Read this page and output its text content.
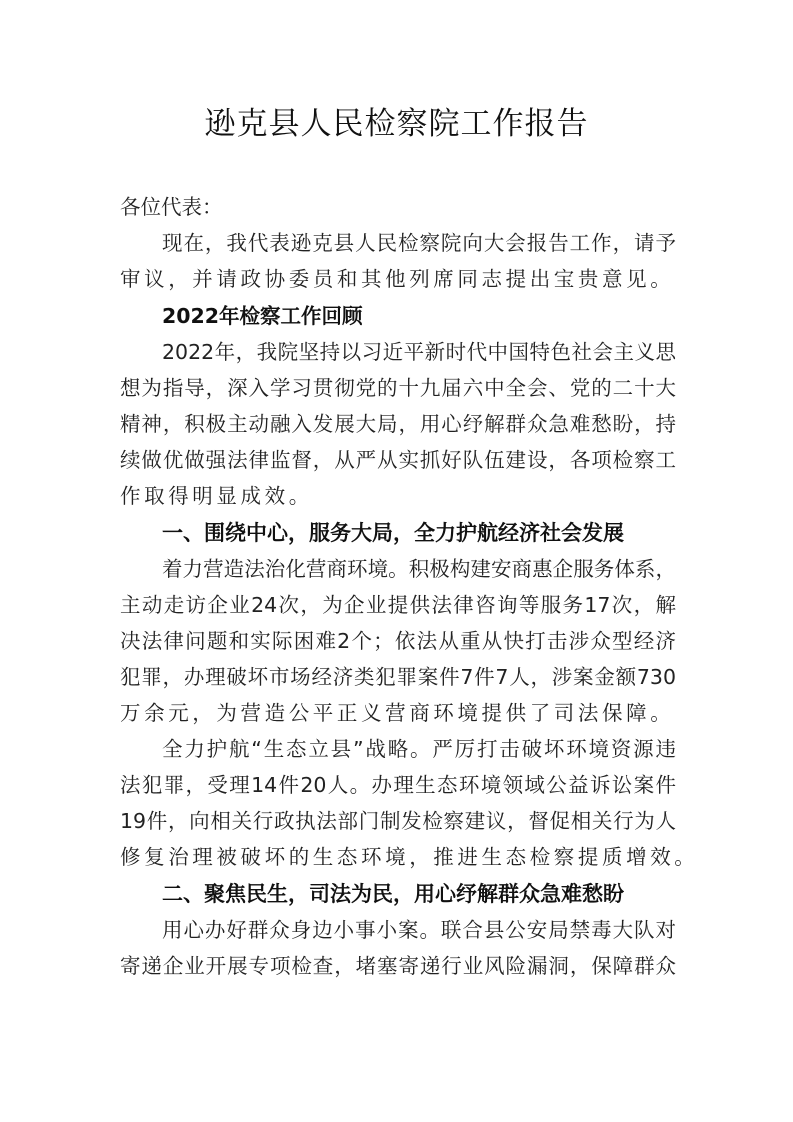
逊克县人民检察院工作报告
各位代表：
现在，我代表逊克县人民检察院向大会报告工作，请予
审议，并请政协委员和其他列席同志提出宝贵意见。
2022年检察工作回顾
2022年，我院坚持以习近平新时代中国特色社会主义思
想为指导，深入学习贯彻党的十九届六中全会、党的二十大
精神，积极主动融入发展大局，用心纾解群众急难愁盼，持
续做优做强法律监督，从严从实抓好队伍建设，各项检察工
作取得明显成效。
一、围绕中心，服务大局，全力护航经济社会发展
着力营造法治化营商环境。积极构建安商惠企服务体系，
主动走访企业24次，为企业提供法律咨询等服务17次，解
决法律问题和实际困难2个；依法从重从快打击涉众型经济
犯罪，办理破坏市场经济类犯罪案件7件7人，涉案金额730
万余元，为营造公平正义营商环境提供了司法保障。
全力护航“生态立县”战略。严厉打击破坏环境资源违
法犯罪，受理14件20人。办理生态环境领域公益诉讼案件
19件，向相关行政执法部门制发检察建议，督促相关行为人
修复治理被破坏的生态环境，推进生态检察提质增效。
二、聚焦民生，司法为民，用心纾解群众急难愁盼
用心办好群众身边小事小案。联合县公安局禁毒大队对
寄递企业开展专项检查，堵塞寄递行业风险漏洞，保障群众
